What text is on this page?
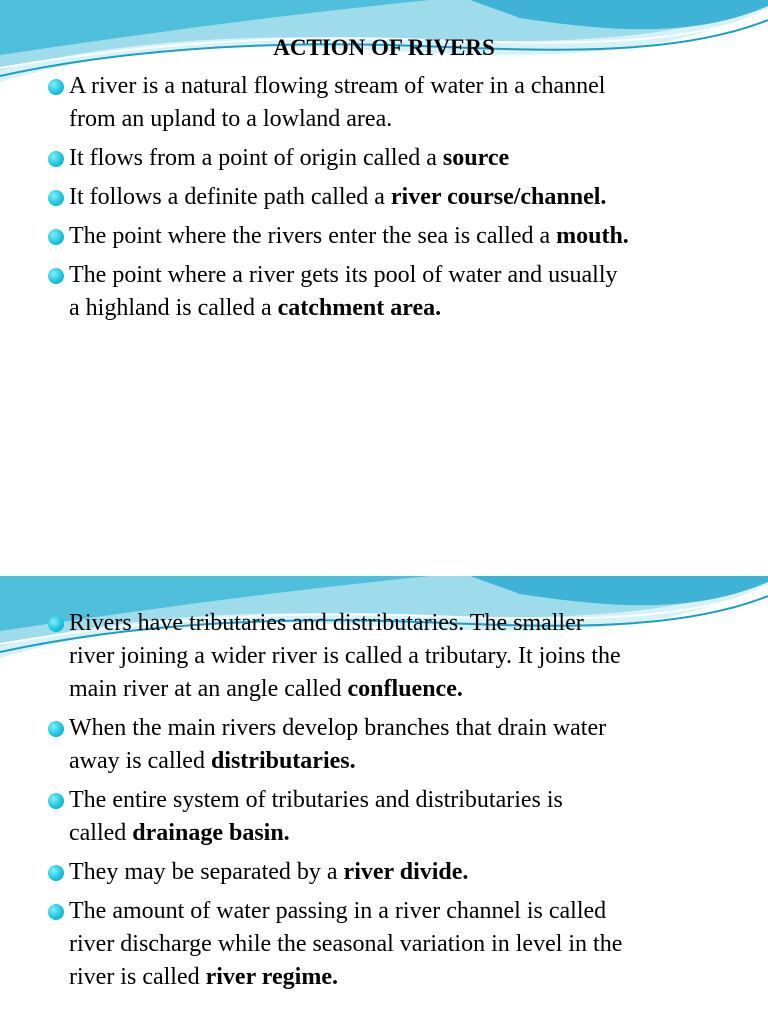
ACTION OF RIVERS
A river is a natural flowing stream of water in a channel
from an upland to a lowland area.
It flows from a point of origin called a source
It follows a definite path called a river course/channel.
The point where the rivers enter the sea is called a mouth.
The point where a river gets its pool of water and usually
a highland is called a catchment area.
Rivers have tributaries and distributaries. The smaller
river joining a wider river is called a tributary. It joins the
main river at an angle called confluence.
When the main rivers develop branches that drain water
away is called distributaries.
The entire system of tributaries and distributaries is
called drainage basin.
They may be separated by a river divide.
The amount of water passing in a river channel is called
river discharge while the seasonal variation in level in the
river is called river regime.
